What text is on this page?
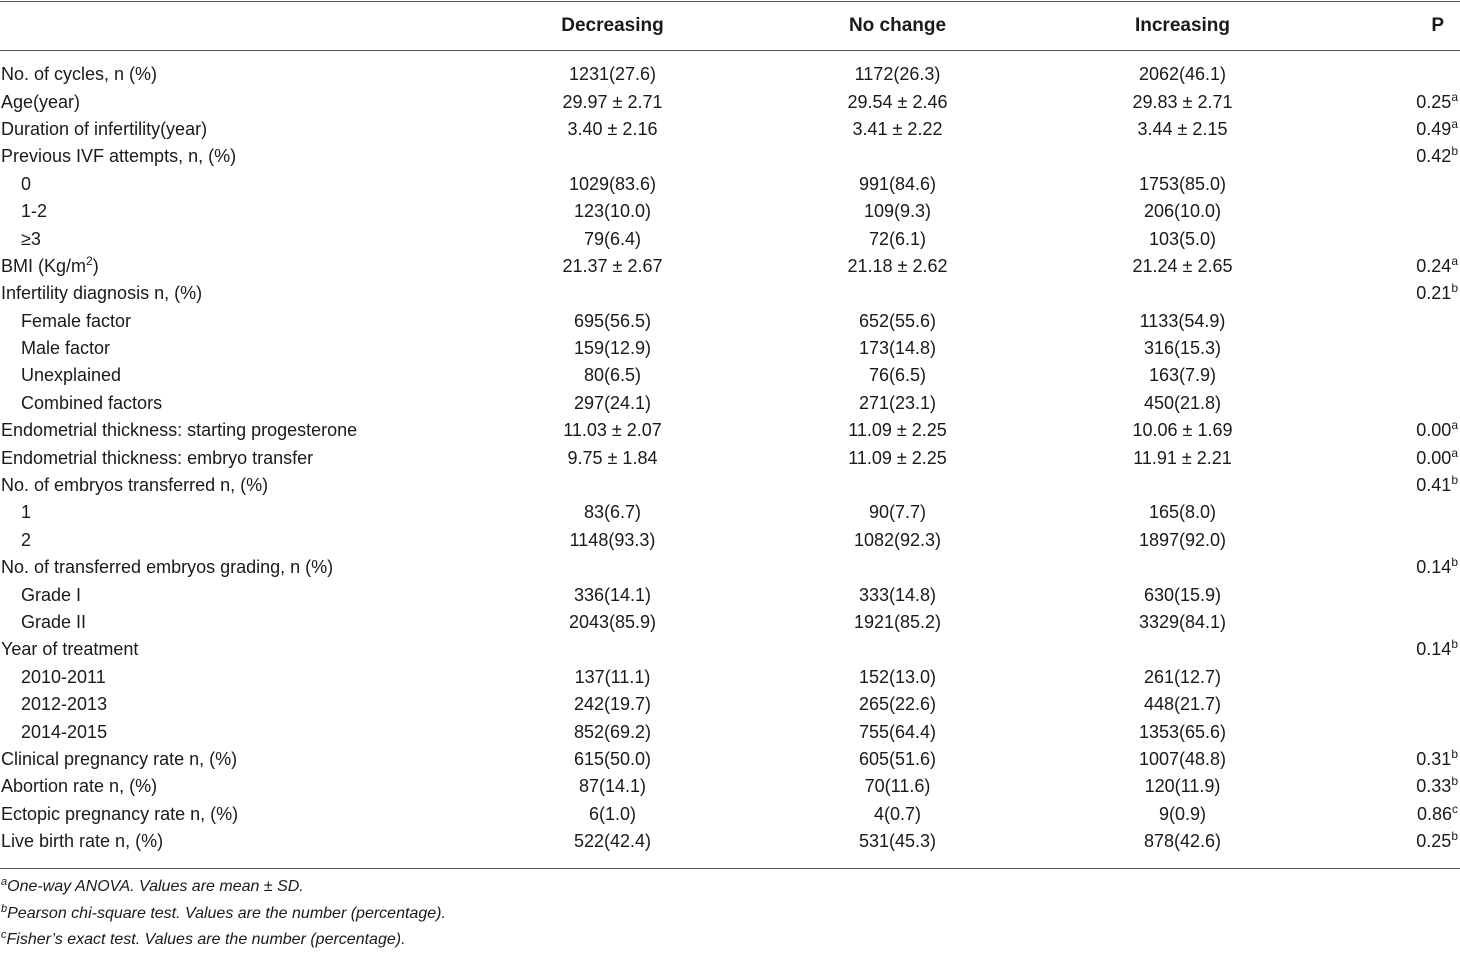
	Decreasing	No change	Increasing	P

No. of cycles, n (%)	1231(27.6)	1172(26.3)	2062(46.1)	
Age(year)	29.97 ± 2.71	29.54 ± 2.46	29.83 ± 2.71	0.25$^a$
Duration of infertility(year)	3.40 ± 2.16	3.41 ± 2.22	3.44 ± 2.15	0.49$^a$
Previous IVF attempts, n, (%)				0.42$^b$
0	1029(83.6)	991(84.6)	1753(85.0)	
1-2	123(10.0)	109(9.3)	206(10.0)	
≥3	79(6.4)	72(6.1)	103(5.0)	
BMI $(Kg/m^2)$	21.37 ± 2.67	21.18 ± 2.62	21.24 ± 2.65	0.24$^a$
Infertility diagnosis n, (%)				0.21$^b$
Female factor	695(56.5)	652(55.6)	1133(54.9)	
Male factor	159(12.9)	173(14.8)	316(15.3)	
Unexplained	80(6.5)	76(6.5)	163(7.9)	
Combined factors	297(24.1)	271(23.1)	450(21.8)	
Endometrial thickness: starting progesterone	11.03 ± 2.07	11.09 ± 2.25	10.06 ± 1.69	0.00$^a$
Endometrial thickness: embryo transfer	9.75 ± 1.84	11.09 ± 2.25	11.91 ± 2.21	0.00$^a$
No. of embryos transferred n, (%)				0.41$^b$
1	83(6.7)	90(7.7)	165(8.0)	
2	1148(93.3)	1082(92.3)	1897(92.0)	
No. of transferred embryos grading, n (%)				0.14$^b$
Grade I	336(14.1)	333(14.8)	630(15.9)	
Grade II	2043(85.9)	1921(85.2)	3329(84.1)	
Year of treatment				0.14$^b$
2010-2011	137(11.1)	152(13.0)	261(12.7)	
2012-2013	242(19.7)	265(22.6)	448(21.7)	
2014-2015	852(69.2)	755(64.4)	1353(65.6)	
Clinical pregnancy rate n, (%)	615(50.0)	605(51.6)	1007(48.8)	0.31$^b$
Abortion rate n, (%)	87(14.1)	70(11.6)	120(11.9)	0.33$^b$
Ectopic pregnancy rate n, (%)	6(1.0)	4(0.7)	9(0.9)	0.86$^c$
Live birth rate n, (%)	522(42.4)	531(45.3)	878(42.6)	0.25$^b$
$^a$One-way ANOVA. Values are mean ± SD.
$^b$Pearson chi-square test. Values are the number (percentage).
$^c$Fisher’s exact test. Values are the number (percentage).
